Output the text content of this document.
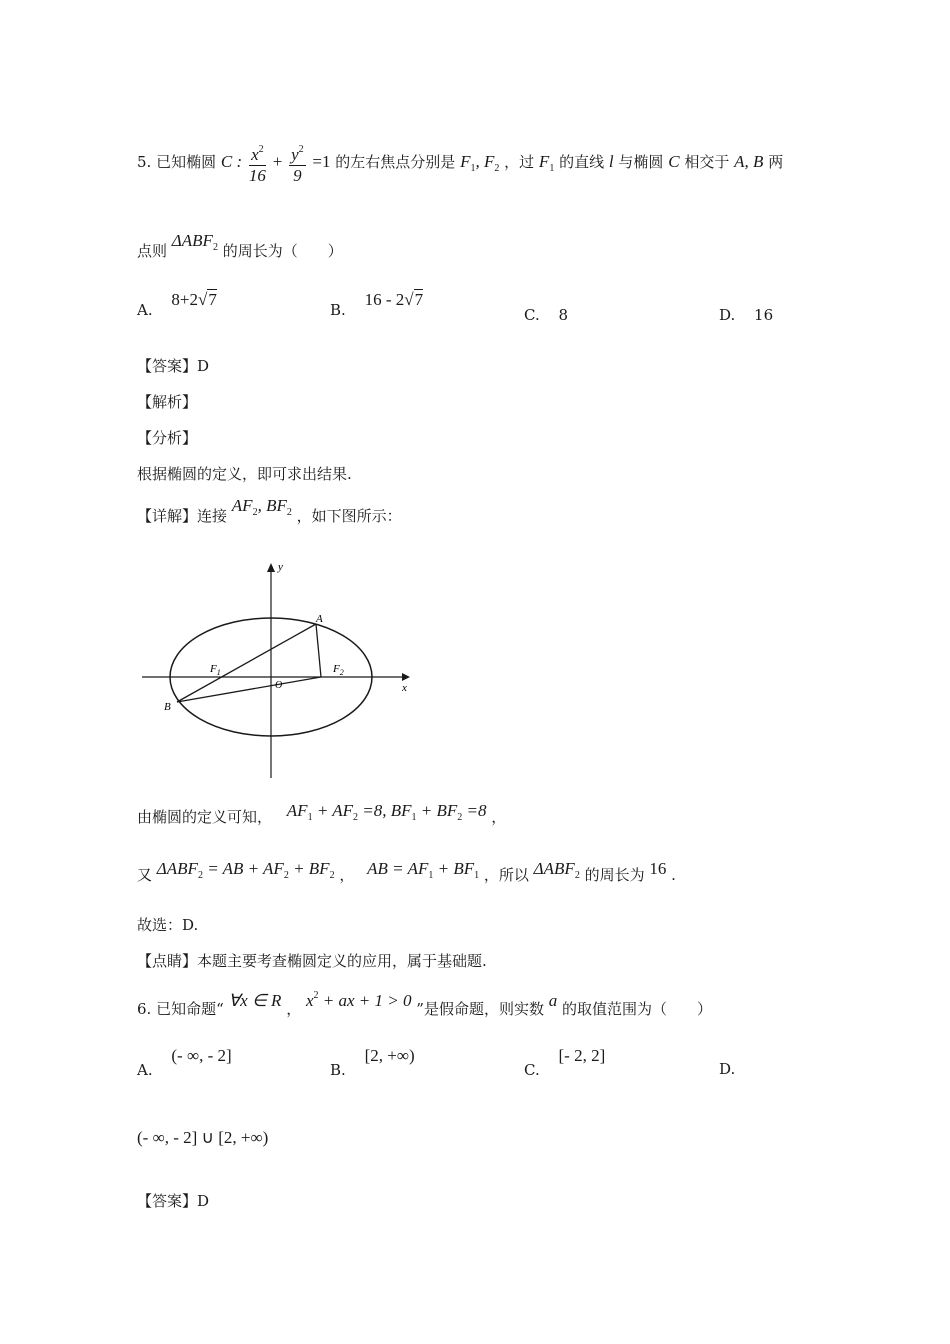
5. 已知椭圆 C : $\frac{x^2}{16} + \frac{y^2}{9} =1$ 的左右焦点分别是 $F_1$, $F_2$ ，过 $F_1$ 的直线 l 与椭圆 C 相交于 A, B 两
点则 $\Delta ABF_2$ 的周长为（　　）
A. 8+2√7
B. 16 - 2√7
C. 8	D. 16
【答案】D
【解析】
【分析】
根据椭圆的定义，即可求出结果.
【详解】连接 $AF_2$, $BF_2$ ，如下图所示：
y
x
A
B
O
$F_1$	$F_2$
由椭圆的定义可知， $AF_1 + AF_2 =8$, $BF_1 + BF_2 =8$ ，
又 $\Delta ABF_2$ = AB + $AF_2 + BF_2$ ， AB = $AF_1 + BF_1$ ，所以 $\Delta ABF_2$ 的周长为 16 .
故选：D.
【点睛】本题主要考查椭圆定义的应用，属于基础题.
6. 已知命题“ ∀x ∈ R ， $x^2$ + ax + 1 > 0 ”是假命题，则实数 a 的取值范围为（　　）
A. (- ∞, - 2]
B. [2, +∞)
C. [- 2, 2]
D.
(- ∞, - 2] ∪ [2, +∞)
【答案】D
